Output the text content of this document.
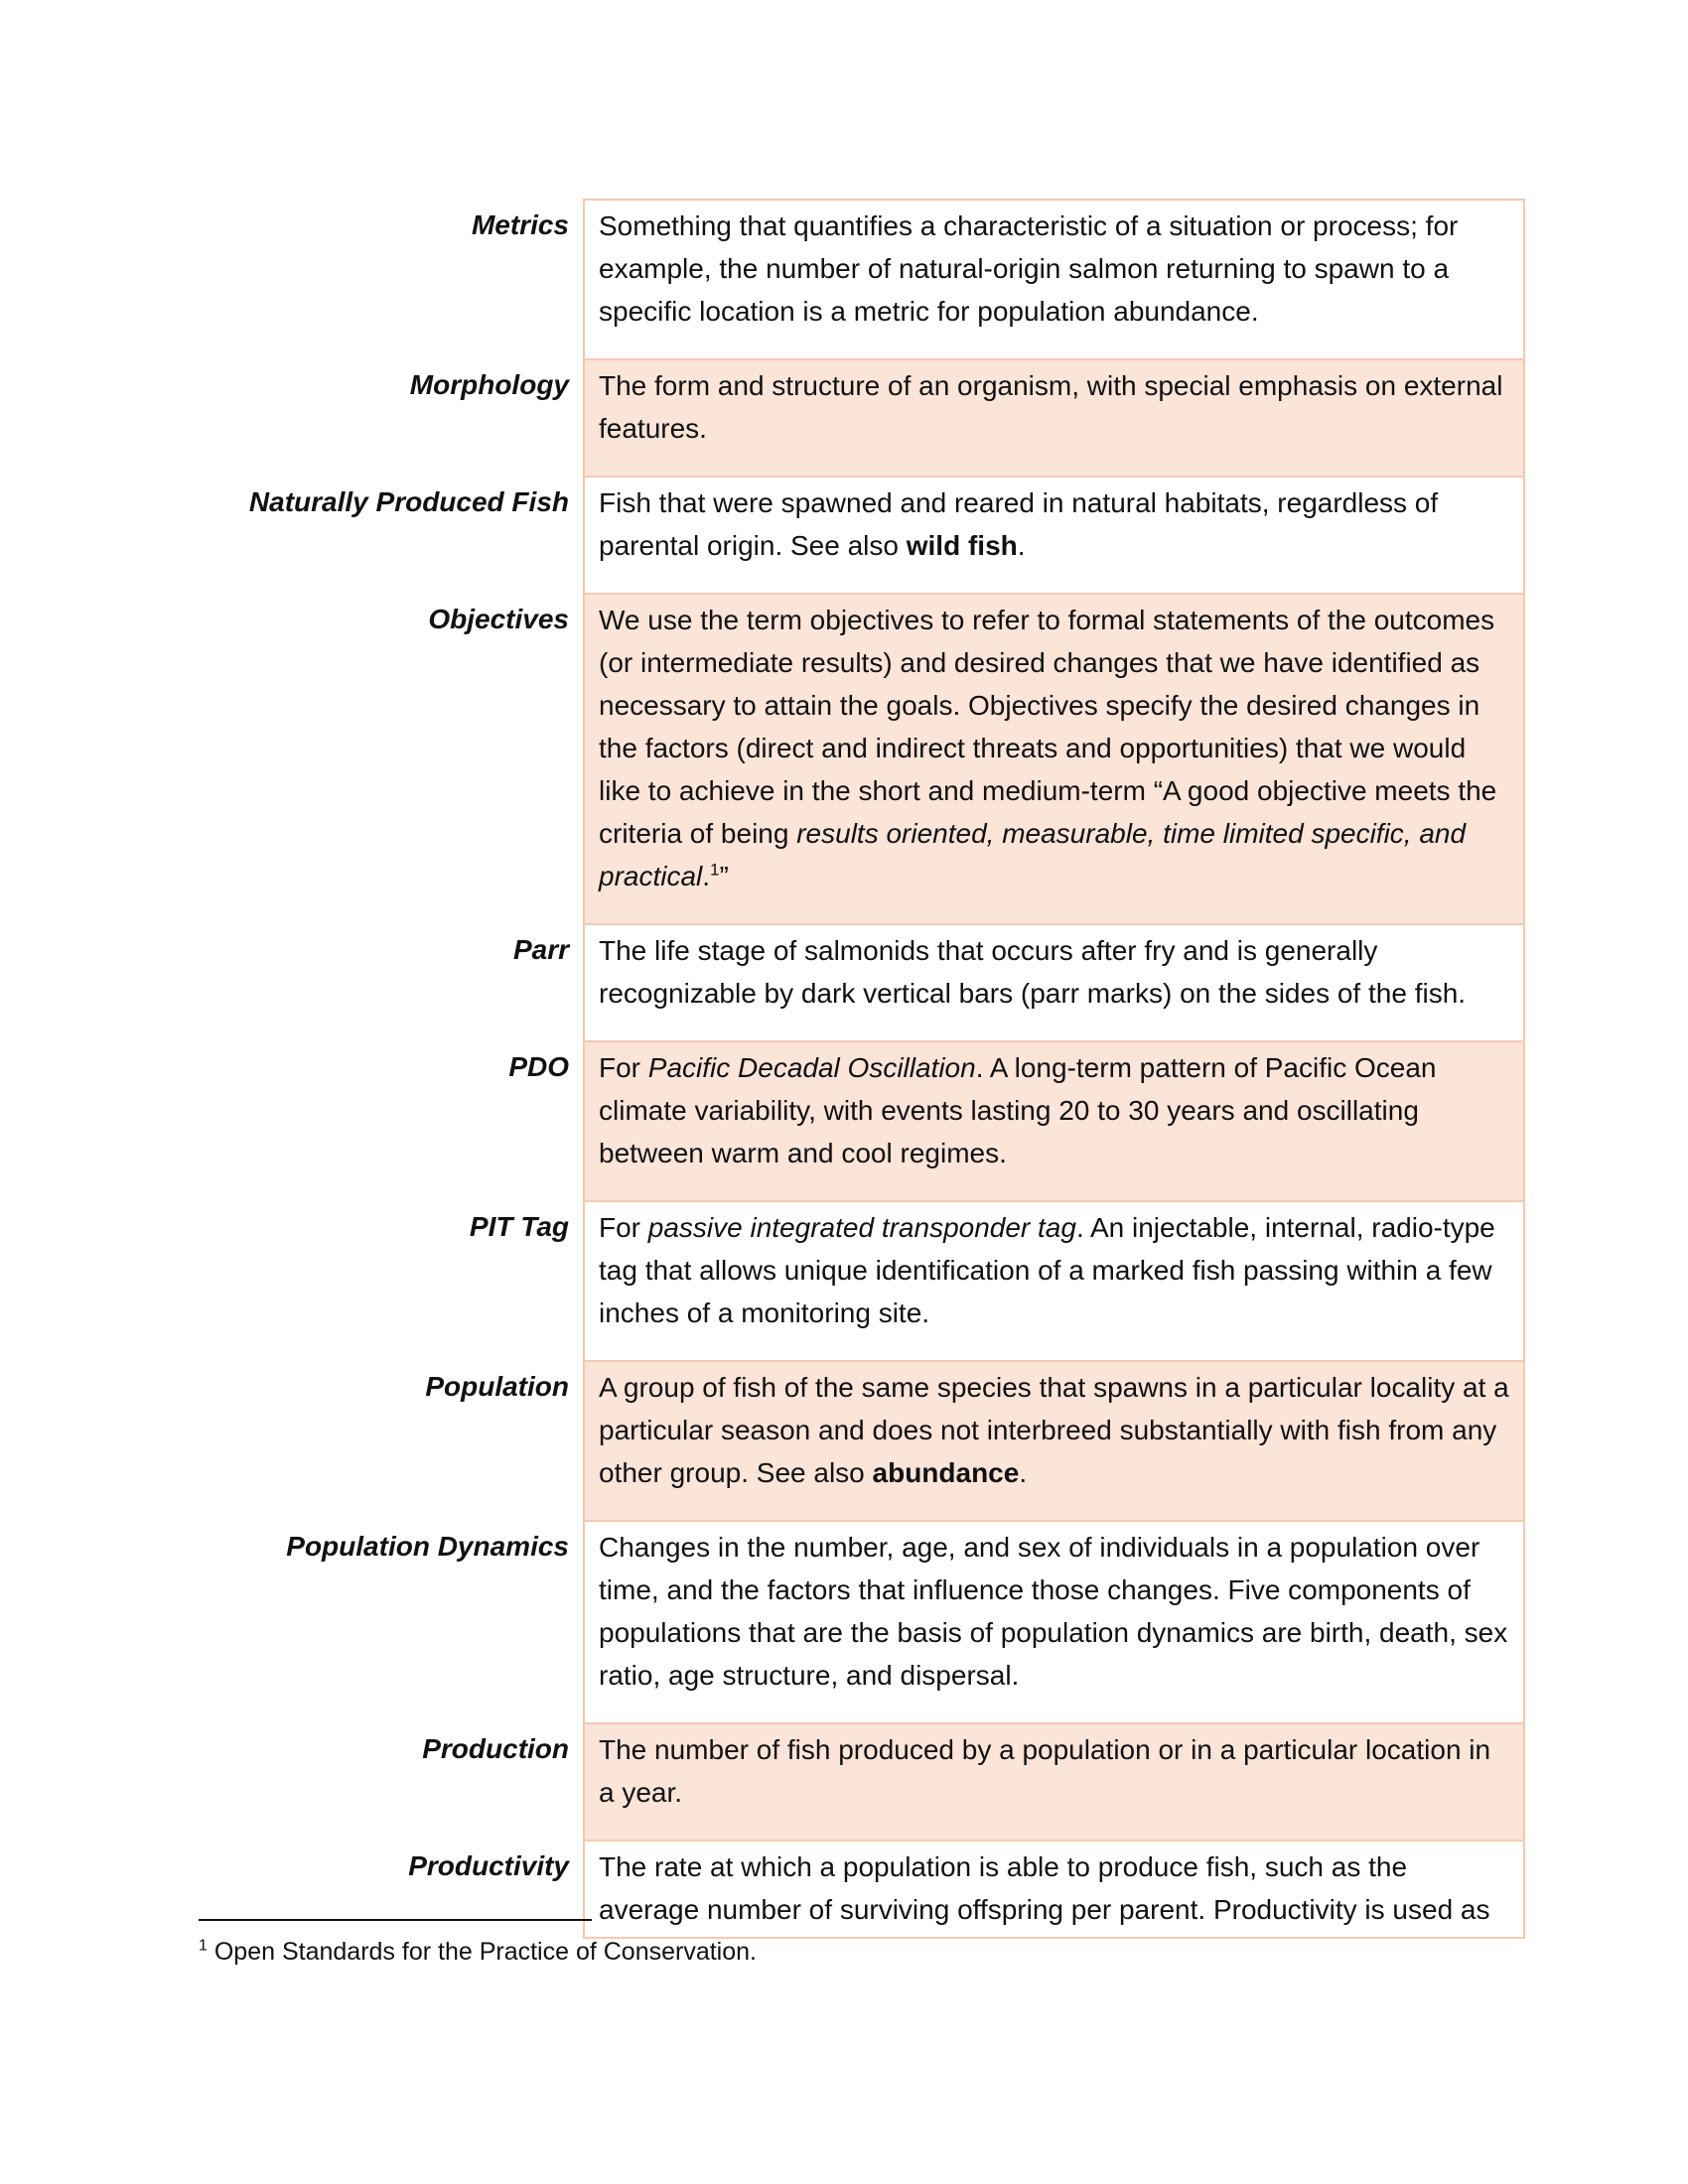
Metrics	Something that quantifies a characteristic of a situation or process; for example, the number of natural-origin salmon returning to spawn to a specific location is a metric for population abundance.
Morphology	The form and structure of an organism, with special emphasis on external features.
Naturally Produced Fish	Fish that were spawned and reared in natural habitats, regardless of parental origin. See also wild fish.
Objectives	We use the term objectives to refer to formal statements of the outcomes (or intermediate results) and desired changes that we have identified as necessary to attain the goals. Objectives specify the desired changes in the factors (direct and indirect threats and opportunities) that we would like to achieve in the short and medium-term “A good objective meets the criteria of being results oriented, measurable, time limited specific, and practical.$^1$”
Parr	The life stage of salmonids that occurs after fry and is generally recognizable by dark vertical bars (parr marks) on the sides of the fish.
PDO	For Pacific Decadal Oscillation. A long-term pattern of Pacific Ocean climate variability, with events lasting 20 to 30 years and oscillating between warm and cool regimes.
PIT Tag	For passive integrated transponder tag. An injectable, internal, radio-type tag that allows unique identification of a marked fish passing within a few inches of a monitoring site.
Population	A group of fish of the same species that spawns in a particular locality at a particular season and does not interbreed substantially with fish from any other group. See also abundance.
Population Dynamics	Changes in the number, age, and sex of individuals in a population over time, and the factors that influence those changes. Five components of populations that are the basis of population dynamics are birth, death, sex ratio, age structure, and dispersal.
Production	The number of fish produced by a population or in a particular location in a year.
Productivity	The rate at which a population is able to produce fish, such as the average number of surviving offspring per parent. Productivity is used as
$^1$ Open Standards for the Practice of Conservation.
